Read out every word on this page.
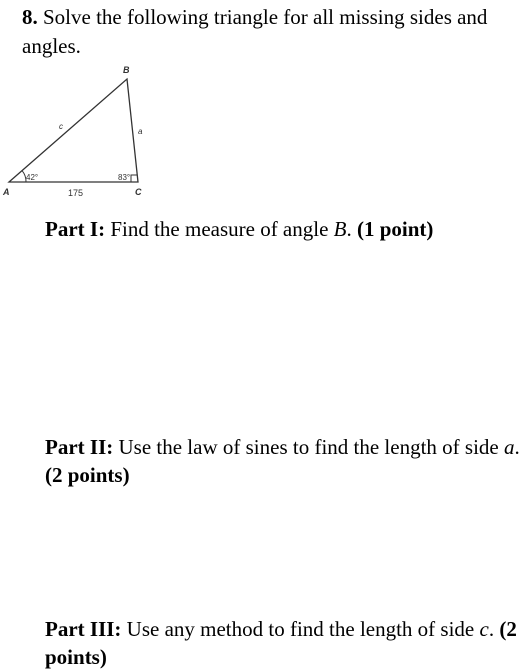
8. Solve the following triangle for all missing sides and angles.
B
A	C
c
a
175
42°	83°
Part I: Find the measure of angle B. (1 point)
Part II: Use the law of sines to find the length of side a. (2 points)
Part III: Use any method to find the length of side c. (2 points)
